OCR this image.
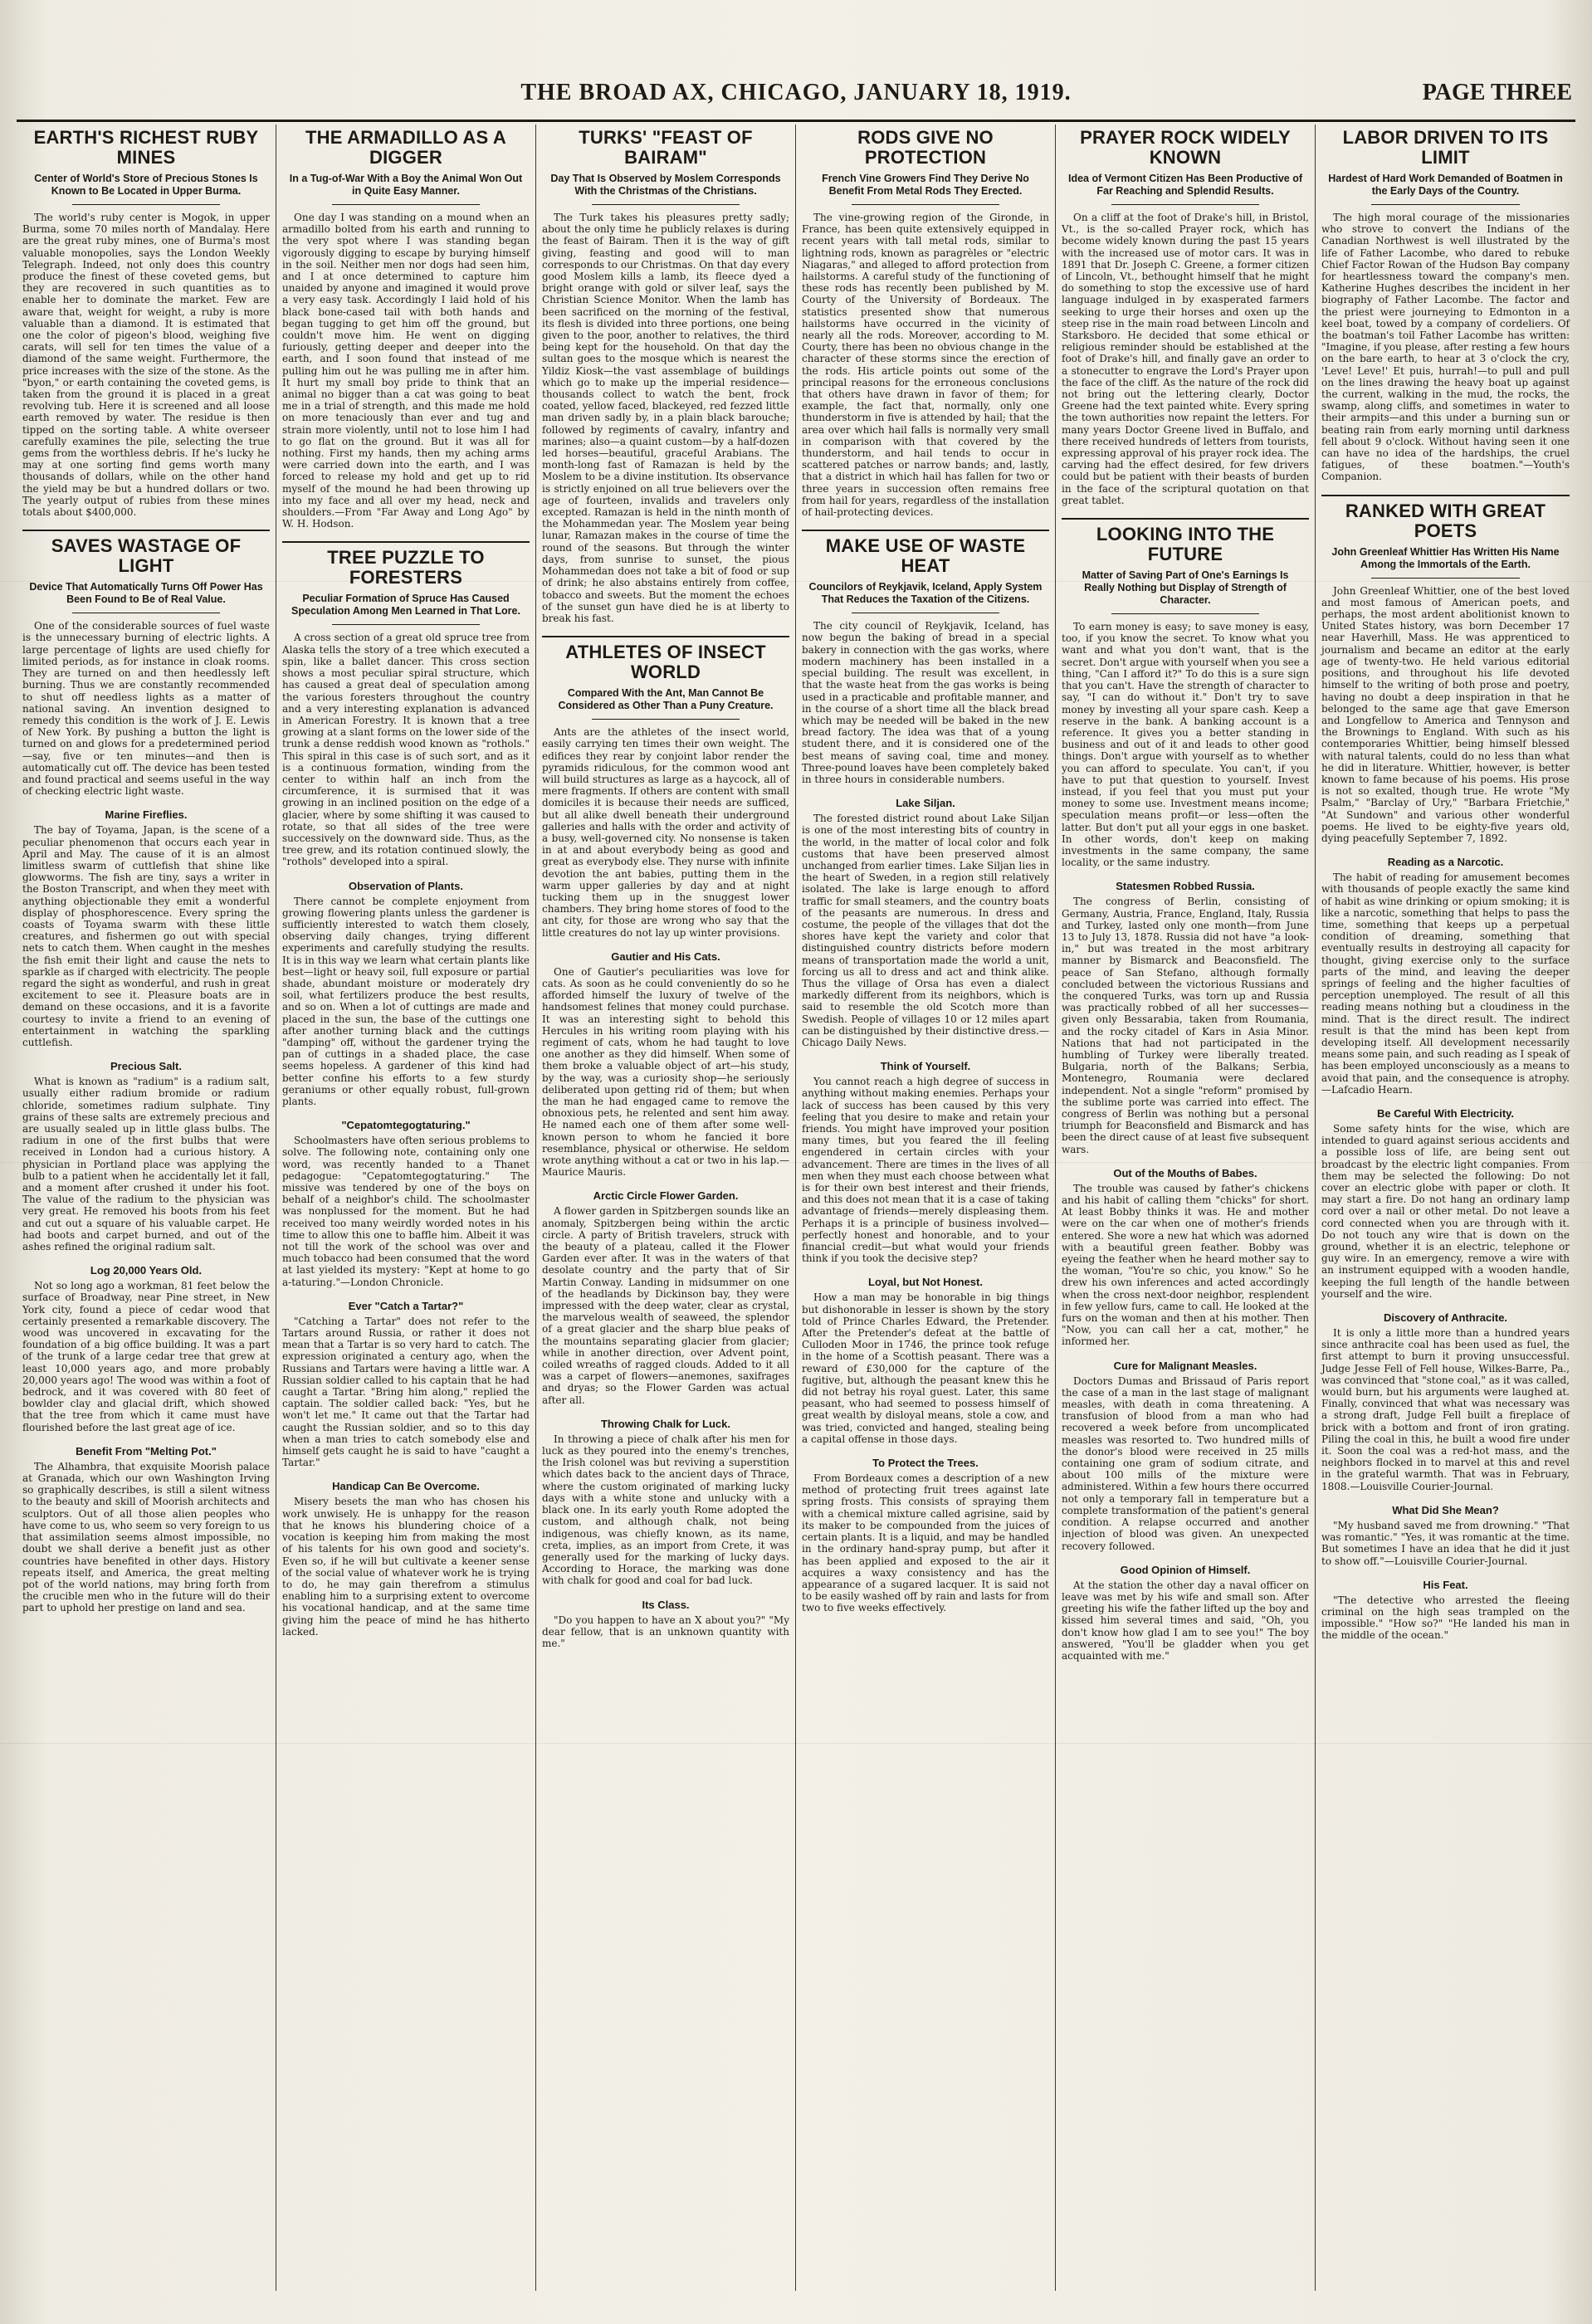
THE BROAD AX, CHICAGO, JANUARY 18, 1919.	PAGE THREE
EARTH'S RICHEST RUBY MINES
Center of World's Store of Precious Stones Is Known to Be Located in Upper Burma.

The world's ruby center is Mogok, in upper Burma, some 70 miles north of Mandalay. Here are the great ruby mines, one of Burma's most valuable monopolies, says the London Weekly Telegraph. Indeed, not only does this country produce the finest of these coveted gems, but they are recovered in such quantities as to enable her to dominate the market. Few are aware that, weight for weight, a ruby is more valuable than a diamond. It is estimated that one the color of pigeon's blood, weighing five carats, will sell for ten times the value of a diamond of the same weight. Furthermore, the price increases with the size of the stone. As the "byon," or earth containing the coveted gems, is taken from the ground it is placed in a great revolving tub. Here it is screened and all loose earth removed by water. The residue is then tipped on the sorting table. A white overseer carefully examines the pile, selecting the true gems from the worthless debris. If he's lucky he may at one sorting find gems worth many thousands of dollars, while on the other hand the yield may be but a hundred dollars or two. The yearly output of rubies from these mines totals about $400,000.

SAVES WASTAGE OF LIGHT
Device That Automatically Turns Off Power Has Been Found to Be of Real Value.

One of the considerable sources of fuel waste is the unnecessary burning of electric lights. A large percentage of lights are used chiefly for limited periods, as for instance in cloak rooms. They are turned on and then heedlessly left burning. Thus we are constantly recommended to shut off needless lights as a matter of national saving. An invention designed to remedy this condition is the work of J. E. Lewis of New York. By pushing a button the light is turned on and glows for a predetermined period—say, five or ten minutes—and then is automatically cut off. The device has been tested and found practical and seems useful in the way of checking electric light waste.

Marine Fireflies.

The bay of Toyama, Japan, is the scene of a peculiar phenomenon that occurs each year in April and May. The cause of it is an almost limitless swarm of cuttlefish that shine like glowworms. The fish are tiny, says a writer in the Boston Transcript, and when they meet with anything objectionable they emit a wonderful display of phosphorescence. Every spring the coasts of Toyama swarm with these little creatures, and fishermen go out with special nets to catch them. When caught in the meshes the fish emit their light and cause the nets to sparkle as if charged with electricity. The people regard the sight as wonderful, and rush in great excitement to see it. Pleasure boats are in demand on these occasions, and it is a favorite courtesy to invite a friend to an evening of entertainment in watching the sparkling cuttlefish.

Precious Salt.

What is known as "radium" is a radium salt, usually either radium bromide or radium chloride, sometimes radium sulphate. Tiny grains of these salts are extremely precious and are usually sealed up in little glass bulbs. The radium in one of the first bulbs that were received in London had a curious history. A physician in Portland place was applying the bulb to a patient when he accidentally let it fall, and a moment after crushed it under his foot. The value of the radium to the physician was very great. He removed his boots from his feet and cut out a square of his valuable carpet. He had boots and carpet burned, and out of the ashes refined the original radium salt.

Log 20,000 Years Old.

Not so long ago a workman, 81 feet below the surface of Broadway, near Pine street, in New York city, found a piece of cedar wood that certainly presented a remarkable discovery. The wood was uncovered in excavating for the foundation of a big office building. It was a part of the trunk of a large cedar tree that grew at least 10,000 years ago, and more probably 20,000 years ago! The wood was within a foot of bedrock, and it was covered with 80 feet of bowlder clay and glacial drift, which showed that the tree from which it came must have flourished before the last great age of ice.

Benefit From "Melting Pot."

The Alhambra, that exquisite Moorish palace at Granada, which our own Washington Irving so graphically describes, is still a silent witness to the beauty and skill of Moorish architects and sculptors. Out of all those alien peoples who have come to us, who seem so very foreign to us that assimilation seems almost impossible, no doubt we shall derive a benefit just as other countries have benefited in other days. History repeats itself, and America, the great melting pot of the world nations, may bring forth from the crucible men who in the future will do their part to uphold her prestige on land and sea.

THE ARMADILLO AS A DIGGER
In a Tug-of-War With a Boy the Animal Won Out in Quite Easy Manner.

One day I was standing on a mound when an armadillo bolted from his earth and running to the very spot where I was standing began vigorously digging to escape by burying himself in the soil. Neither men nor dogs had seen him, and I at once determined to capture him unaided by anyone and imagined it would prove a very easy task. Accordingly I laid hold of his black bone-cased tail with both hands and began tugging to get him off the ground, but couldn't move him. He went on digging furiously, getting deeper and deeper into the earth, and I soon found that instead of me pulling him out he was pulling me in after him. It hurt my small boy pride to think that an animal no bigger than a cat was going to beat me in a trial of strength, and this made me hold on more tenaciously than ever and tug and strain more violently, until not to lose him I had to go flat on the ground. But it was all for nothing. First my hands, then my aching arms were carried down into the earth, and I was forced to release my hold and get up to rid myself of the mound he had been throwing up into my face and all over my head, neck and shoulders.—From "Far Away and Long Ago" by W. H. Hodson.

TREE PUZZLE TO FORESTERS
Peculiar Formation of Spruce Has Caused Speculation Among Men Learned in That Lore.

A cross section of a great old spruce tree from Alaska tells the story of a tree which executed a spin, like a ballet dancer. This cross section shows a most peculiar spiral structure, which has caused a great deal of speculation among the various foresters throughout the country and a very interesting explanation is advanced in American Forestry. It is known that a tree growing at a slant forms on the lower side of the trunk a dense reddish wood known as "rothols." This spiral in this case is of such sort, and as it is a continuous formation, winding from the center to within half an inch from the circumference, it is surmised that it was growing in an inclined position on the edge of a glacier, where by some shifting it was caused to rotate, so that all sides of the tree were successively on the downward side. Thus, as the tree grew, and its rotation continued slowly, the "rothols" developed into a spiral.

Observation of Plants.

There cannot be complete enjoyment from growing flowering plants unless the gardener is sufficiently interested to watch them closely, observing daily changes, trying different experiments and carefully studying the results. It is in this way we learn what certain plants like best—light or heavy soil, full exposure or partial shade, abundant moisture or moderately dry soil, what fertilizers produce the best results, and so on. When a lot of cuttings are made and placed in the sun, the base of the cuttings one after another turning black and the cuttings "damping" off, without the gardener trying the pan of cuttings in a shaded place, the case seems hopeless. A gardener of this kind had better confine his efforts to a few sturdy geraniums or other equally robust, full-grown plants.

"Cepatomtegogtaturing."

Schoolmasters have often serious problems to solve. The following note, containing only one word, was recently handed to a Thanet pedagogue: "Cepatomtegogtaturing." The missive was tendered by one of the boys on behalf of a neighbor's child. The schoolmaster was nonplussed for the moment. But he had received too many weirdly worded notes in his time to allow this one to baffle him. Albeit it was not till the work of the school was over and much tobacco had been consumed that the word at last yielded its mystery: "Kept at home to go a-taturing."—London Chronicle.

Ever "Catch a Tartar?"

"Catching a Tartar" does not refer to the Tartars around Russia, or rather it does not mean that a Tartar is so very hard to catch. The expression originated a century ago, when the Russians and Tartars were having a little war. A Russian soldier called to his captain that he had caught a Tartar. "Bring him along," replied the captain. The soldier called back: "Yes, but he won't let me." It came out that the Tartar had caught the Russian soldier, and so to this day when a man tries to catch somebody else and himself gets caught he is said to have "caught a Tartar."

Handicap Can Be Overcome.

Misery besets the man who has chosen his work unwisely. He is unhappy for the reason that he knows his blundering choice of a vocation is keeping him from making the most of his talents for his own good and society's. Even so, if he will but cultivate a keener sense of the social value of whatever work he is trying to do, he may gain therefrom a stimulus enabling him to a surprising extent to overcome his vocational handicap, and at the same time giving him the peace of mind he has hitherto lacked.

TURKS' "FEAST OF BAIRAM"
Day That Is Observed by Moslem Corresponds With the Christmas of the Christians.

The Turk takes his pleasures pretty sadly; about the only time he publicly relaxes is during the feast of Bairam. Then it is the way of gift giving, feasting and good will to man corresponds to our Christmas. On that day every good Moslem kills a lamb, its fleece dyed a bright orange with gold or silver leaf, says the Christian Science Monitor. When the lamb has been sacrificed on the morning of the festival, its flesh is divided into three portions, one being given to the poor, another to relatives, the third being kept for the household. On that day the sultan goes to the mosque which is nearest the Yildiz Kiosk—the vast assemblage of buildings which go to make up the imperial residence—thousands collect to watch the bent, frock coated, yellow faced, blackeyed, red fezzed little man driven sadly by, in a plain black barouche; followed by regiments of cavalry, infantry and marines; also—a quaint custom—by a half-dozen led horses—beautiful, graceful Arabians. The month-long fast of Ramazan is held by the Moslem to be a divine institution. Its observance is strictly enjoined on all true believers over the age of fourteen, invalids and travelers only excepted. Ramazan is held in the ninth month of the Mohammedan year. The Moslem year being lunar, Ramazan makes in the course of time the round of the seasons. But through the winter days, from sunrise to sunset, the pious Mohammedan does not take a bit of food or sup of drink; he also abstains entirely from coffee, tobacco and sweets. But the moment the echoes of the sunset gun have died he is at liberty to break his fast.

ATHLETES OF INSECT WORLD
Compared With the Ant, Man Cannot Be Considered as Other Than a Puny Creature.

Ants are the athletes of the insect world, easily carrying ten times their own weight. The edifices they rear by conjoint labor render the pyramids ridiculous, for the common wood ant will build structures as large as a haycock, all of mere fragments. If others are content with small domiciles it is because their needs are sufficed, but all alike dwell beneath their underground galleries and halls with the order and activity of a busy, well-governed city. No nonsense is taken in at and about everybody being as good and great as everybody else. They nurse with infinite devotion the ant babies, putting them in the warm upper galleries by day and at night tucking them up in the snuggest lower chambers. They bring home stores of food to the ant city, for those are wrong who say that the little creatures do not lay up winter provisions.

Gautier and His Cats.

One of Gautier's peculiarities was love for cats. As soon as he could conveniently do so he afforded himself the luxury of twelve of the handsomest felines that money could purchase. It was an interesting sight to behold this Hercules in his writing room playing with his regiment of cats, whom he had taught to love one another as they did himself. When some of them broke a valuable object of art—his study, by the way, was a curiosity shop—he seriously deliberated upon getting rid of them; but when the man he had engaged came to remove the obnoxious pets, he relented and sent him away. He named each one of them after some well-known person to whom he fancied it bore resemblance, physical or otherwise. He seldom wrote anything without a cat or two in his lap.—Maurice Mauris.

Arctic Circle Flower Garden.

A flower garden in Spitzbergen sounds like an anomaly, Spitzbergen being within the arctic circle. A party of British travelers, struck with the beauty of a plateau, called it the Flower Garden ever after. It was in the waters of that desolate country and the party that of Sir Martin Conway. Landing in midsummer on one of the headlands by Dickinson bay, they were impressed with the deep water, clear as crystal, the marvelous wealth of seaweed, the splendor of a great glacier and the sharp blue peaks of the mountains separating glacier from glacier; while in another direction, over Advent point, coiled wreaths of ragged clouds. Added to it all was a carpet of flowers—anemones, saxifrages and dryas; so the Flower Garden was actual after all.

Throwing Chalk for Luck.

In throwing a piece of chalk after his men for luck as they poured into the enemy's trenches, the Irish colonel was but reviving a superstition which dates back to the ancient days of Thrace, where the custom originated of marking lucky days with a white stone and unlucky with a black one. In its early youth Rome adopted the custom, and although chalk, not being indigenous, was chiefly known, as its name, creta, implies, as an import from Crete, it was generally used for the marking of lucky days. According to Horace, the marking was done with chalk for good and coal for bad luck.

Its Class.

"Do you happen to have an X about you?" "My dear fellow, that is an unknown quantity with me."

RODS GIVE NO PROTECTION
French Vine Growers Find They Derive No Benefit From Metal Rods They Erected.

The vine-growing region of the Gironde, in France, has been quite extensively equipped in recent years with tall metal rods, similar to lightning rods, known as paragrèles or "electric Niagaras," and alleged to afford protection from hailstorms. A careful study of the functioning of these rods has recently been published by M. Courty of the University of Bordeaux. The statistics presented show that numerous hailstorms have occurred in the vicinity of nearly all the rods. Moreover, according to M. Courty, there has been no obvious change in the character of these storms since the erection of the rods. His article points out some of the principal reasons for the erroneous conclusions that others have drawn in favor of them; for example, the fact that, normally, only one thunderstorm in five is attended by hail; that the area over which hail falls is normally very small in comparison with that covered by the thunderstorm, and hail tends to occur in scattered patches or narrow bands; and, lastly, that a district in which hail has fallen for two or three years in succession often remains free from hail for years, regardless of the installation of hail-protecting devices.

MAKE USE OF WASTE HEAT
Councilors of Reykjavik, Iceland, Apply System That Reduces the Taxation of the Citizens.

The city council of Reykjavik, Iceland, has now begun the baking of bread in a special bakery in connection with the gas works, where modern machinery has been installed in a special building. The result was excellent, in that the waste heat from the gas works is being used in a practicable and profitable manner, and in the course of a short time all the black bread which may be needed will be baked in the new bread factory. The idea was that of a young student there, and it is considered one of the best means of saving coal, time and money. Three-pound loaves have been completely baked in three hours in considerable numbers.

Lake Siljan.

The forested district round about Lake Siljan is one of the most interesting bits of country in the world, in the matter of local color and folk customs that have been preserved almost unchanged from earlier times. Lake Siljan lies in the heart of Sweden, in a region still relatively isolated. The lake is large enough to afford traffic for small steamers, and the country boats of the peasants are numerous. In dress and costume, the people of the villages that dot the shores have kept the variety and color that distinguished country districts before modern means of transportation made the world a unit, forcing us all to dress and act and think alike. Thus the village of Orsa has even a dialect markedly different from its neighbors, which is said to resemble the old Scotch more than Swedish. People of villages 10 or 12 miles apart can be distinguished by their distinctive dress.—Chicago Daily News.

Think of Yourself.

You cannot reach a high degree of success in anything without making enemies. Perhaps your lack of success has been caused by this very feeling that you desire to make and retain your friends. You might have improved your position many times, but you feared the ill feeling engendered in certain circles with your advancement. There are times in the lives of all men when they must each choose between what is for their own best interest and their friends, and this does not mean that it is a case of taking advantage of friends—merely displeasing them. Perhaps it is a principle of business involved—perfectly honest and honorable, and to your financial credit—but what would your friends think if you took the decisive step?

Loyal, but Not Honest.

How a man may be honorable in big things but dishonorable in lesser is shown by the story told of Prince Charles Edward, the Pretender. After the Pretender's defeat at the battle of Culloden Moor in 1746, the prince took refuge in the home of a Scottish peasant. There was a reward of £30,000 for the capture of the fugitive, but, although the peasant knew this he did not betray his royal guest. Later, this same peasant, who had seemed to possess himself of great wealth by disloyal means, stole a cow, and was tried, convicted and hanged, stealing being a capital offense in those days.

To Protect the Trees.

From Bordeaux comes a description of a new method of protecting fruit trees against late spring frosts. This consists of spraying them with a chemical mixture called agrisine, said by its maker to be compounded from the juices of certain plants. It is a liquid, and may be handled in the ordinary hand-spray pump, but after it has been applied and exposed to the air it acquires a waxy consistency and has the appearance of a sugared lacquer. It is said not to be easily washed off by rain and lasts for from two to five weeks effectively.

PRAYER ROCK WIDELY KNOWN
Idea of Vermont Citizen Has Been Productive of Far Reaching and Splendid Results.

On a cliff at the foot of Drake's hill, in Bristol, Vt., is the so-called Prayer rock, which has become widely known during the past 15 years with the increased use of motor cars. It was in 1891 that Dr. Joseph C. Greene, a former citizen of Lincoln, Vt., bethought himself that he might do something to stop the excessive use of hard language indulged in by exasperated farmers seeking to urge their horses and oxen up the steep rise in the main road between Lincoln and Starksboro. He decided that some ethical or religious reminder should be established at the foot of Drake's hill, and finally gave an order to a stonecutter to engrave the Lord's Prayer upon the face of the cliff. As the nature of the rock did not bring out the lettering clearly, Doctor Greene had the text painted white. Every spring the town authorities now repaint the letters. For many years Doctor Greene lived in Buffalo, and there received hundreds of letters from tourists, expressing approval of his prayer rock idea. The carving had the effect desired, for few drivers could but be patient with their beasts of burden in the face of the scriptural quotation on that great tablet.

LOOKING INTO THE FUTURE
Matter of Saving Part of One's Earnings Is Really Nothing but Display of Strength of Character.

To earn money is easy; to save money is easy, too, if you know the secret. To know what you want and what you don't want, that is the secret. Don't argue with yourself when you see a thing, "Can I afford it?" To do this is a sure sign that you can't. Have the strength of character to say, "I can do without it." Don't try to save money by investing all your spare cash. Keep a reserve in the bank. A banking account is a reference. It gives you a better standing in business and out of it and leads to other good things. Don't argue with yourself as to whether you can afford to speculate. You can't, if you have to put that question to yourself. Invest instead, if you feel that you must put your money to some use. Investment means income; speculation means profit—or less—often the latter. But don't put all your eggs in one basket. In other words, don't keep on making investments in the same company, the same locality, or the same industry.

Statesmen Robbed Russia.

The congress of Berlin, consisting of Germany, Austria, France, England, Italy, Russia and Turkey, lasted only one month—from June 13 to July 13, 1878. Russia did not have "a look-in," but was treated in the most arbitrary manner by Bismarck and Beaconsfield. The peace of San Stefano, although formally concluded between the victorious Russians and the conquered Turks, was torn up and Russia was practically robbed of all her successes—given only Bessarabia, taken from Roumania, and the rocky citadel of Kars in Asia Minor. Nations that had not participated in the humbling of Turkey were liberally treated. Bulgaria, north of the Balkans; Serbia, Montenegro, Roumania were declared independent. Not a single "reform" promised by the sublime porte was carried into effect. The congress of Berlin was nothing but a personal triumph for Beaconsfield and Bismarck and has been the direct cause of at least five subsequent wars.

Out of the Mouths of Babes.

The trouble was caused by father's chickens and his habit of calling them "chicks" for short. At least Bobby thinks it was. He and mother were on the car when one of mother's friends entered. She wore a new hat which was adorned with a beautiful green feather. Bobby was eyeing the feather when he heard mother say to the woman, "You're so chic, you know." So he drew his own inferences and acted accordingly when the cross next-door neighbor, resplendent in few yellow furs, came to call. He looked at the furs on the woman and then at his mother. Then "Now, you can call her a cat, mother," he informed her.

Cure for Malignant Measles.

Doctors Dumas and Brissaud of Paris report the case of a man in the last stage of malignant measles, with death in coma threatening. A transfusion of blood from a man who had recovered a week before from uncomplicated measles was resorted to. Two hundred mills of the donor's blood were received in 25 mills containing one gram of sodium citrate, and about 100 mills of the mixture were administered. Within a few hours there occurred not only a temporary fall in temperature but a complete transformation of the patient's general condition. A relapse occurred and another injection of blood was given. An unexpected recovery followed.

Good Opinion of Himself.

At the station the other day a naval officer on leave was met by his wife and small son. After greeting his wife the father lifted up the boy and kissed him several times and said, "Oh, you don't know how glad I am to see you!" The boy answered, "You'll be gladder when you get acquainted with me."

LABOR DRIVEN TO ITS LIMIT
Hardest of Hard Work Demanded of Boatmen in the Early Days of the Country.

The high moral courage of the missionaries who strove to convert the Indians of the Canadian Northwest is well illustrated by the life of Father Lacombe, who dared to rebuke Chief Factor Rowan of the Hudson Bay company for heartlessness toward the company's men. Katherine Hughes describes the incident in her biography of Father Lacombe. The factor and the priest were journeying to Edmonton in a keel boat, towed by a company of cordeliers. Of the boatman's toil Father Lacombe has written: "Imagine, if you please, after resting a few hours on the bare earth, to hear at 3 o'clock the cry, 'Leve! Leve!' Et puis, hurrah!—to pull and pull on the lines drawing the heavy boat up against the current, walking in the mud, the rocks, the swamp, along cliffs, and sometimes in water to their armpits—and this under a burning sun or beating rain from early morning until darkness fell about 9 o'clock. Without having seen it one can have no idea of the hardships, the cruel fatigues, of these boatmen."—Youth's Companion.

RANKED WITH GREAT POETS
John Greenleaf Whittier Has Written His Name Among the Immortals of the Earth.

John Greenleaf Whittier, one of the best loved and most famous of American poets, and perhaps, the most ardent abolitionist known to United States history, was born December 17 near Haverhill, Mass. He was apprenticed to journalism and became an editor at the early age of twenty-two. He held various editorial positions, and throughout his life devoted himself to the writing of both prose and poetry, having no doubt a deep inspiration in that he belonged to the same age that gave Emerson and Longfellow to America and Tennyson and the Brownings to England. With such as his contemporaries Whittier, being himself blessed with natural talents, could do no less than what he did in literature. Whittier, however, is better known to fame because of his poems. His prose is not so exalted, though true. He wrote "My Psalm," "Barclay of Ury," "Barbara Frietchie," "At Sundown" and various other wonderful poems. He lived to be eighty-five years old, dying peacefully September 7, 1892.

Reading as a Narcotic.

The habit of reading for amusement becomes with thousands of people exactly the same kind of habit as wine drinking or opium smoking; it is like a narcotic, something that helps to pass the time, something that keeps up a perpetual condition of dreaming, something that eventually results in destroying all capacity for thought, giving exercise only to the surface parts of the mind, and leaving the deeper springs of feeling and the higher faculties of perception unemployed. The result of all this reading means nothing but a cloudiness in the mind. That is the direct result. The indirect result is that the mind has been kept from developing itself. All development necessarily means some pain, and such reading as I speak of has been employed unconsciously as a means to avoid that pain, and the consequence is atrophy.—Lafcadio Hearn.

Be Careful With Electricity.

Some safety hints for the wise, which are intended to guard against serious accidents and a possible loss of life, are being sent out broadcast by the electric light companies. From them may be selected the following: Do not cover an electric globe with paper or cloth. It may start a fire. Do not hang an ordinary lamp cord over a nail or other metal. Do not leave a cord connected when you are through with it. Do not touch any wire that is down on the ground, whether it is an electric, telephone or guy wire. In an emergency, remove a wire with an instrument equipped with a wooden handle, keeping the full length of the handle between yourself and the wire.

Discovery of Anthracite.

It is only a little more than a hundred years since anthracite coal has been used as fuel, the first attempt to burn it proving unsuccessful. Judge Jesse Fell of Fell house, Wilkes-Barre, Pa., was convinced that "stone coal," as it was called, would burn, but his arguments were laughed at. Finally, convinced that what was necessary was a strong draft, Judge Fell built a fireplace of brick with a bottom and front of iron grating. Piling the coal in this, he built a wood fire under it. Soon the coal was a red-hot mass, and the neighbors flocked in to marvel at this and revel in the grateful warmth. That was in February, 1808.—Louisville Courier-Journal.

What Did She Mean?

"My husband saved me from drowning." "That was romantic." "Yes, it was romantic at the time. But sometimes I have an idea that he did it just to show off."—Louisville Courier-Journal.

His Feat.

"The detective who arrested the fleeing criminal on the high seas trampled on the impossible." "How so?" "He landed his man in the middle of the ocean."
